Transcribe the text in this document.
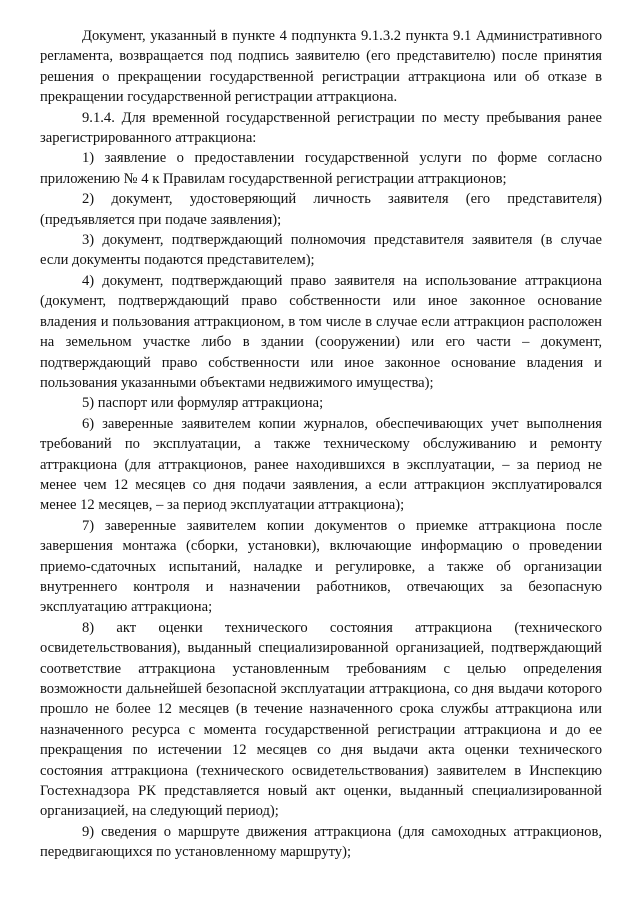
Документ, указанный в пункте 4 подпункта 9.1.3.2 пункта 9.1 Административного регламента, возвращается под подпись заявителю (его представителю) после принятия решения о прекращении государственной регистрации аттракциона или об отказе в прекращении государственной регистрации аттракциона.

9.1.4. Для временной государственной регистрации по месту пребывания ранее зарегистрированного аттракциона:

1) заявление о предоставлении государственной услуги по форме согласно приложению № 4 к Правилам государственной регистрации аттракционов;

2) документ, удостоверяющий личность заявителя (его представителя) (предъявляется при подаче заявления);

3) документ, подтверждающий полномочия представителя заявителя (в случае если документы подаются представителем);

4) документ, подтверждающий право заявителя на использование аттракциона (документ, подтверждающий право собственности или иное законное основание владения и пользования аттракционом, в том числе в случае если аттракцион расположен на земельном участке либо в здании (сооружении) или его части – документ, подтверждающий право собственности или иное законное основание владения и пользования указанными объектами недвижимого имущества);

5) паспорт или формуляр аттракциона;

6) заверенные заявителем копии журналов, обеспечивающих учет выполнения требований по эксплуатации, а также техническому обслуживанию и ремонту аттракциона (для аттракционов, ранее находившихся в эксплуатации, – за период не менее чем 12 месяцев со дня подачи заявления, а если аттракцион эксплуатировался менее 12 месяцев, – за период эксплуатации аттракциона);

7) заверенные заявителем копии документов о приемке аттракциона после завершения монтажа (сборки, установки), включающие информацию о проведении приемо-сдаточных испытаний, наладке и регулировке, а также об организации внутреннего контроля и назначении работников, отвечающих за безопасную эксплуатацию аттракциона;

8) акт оценки технического состояния аттракциона (технического освидетельствования), выданный специализированной организацией, подтверждающий соответствие аттракциона установленным требованиям с целью определения возможности дальнейшей безопасной эксплуатации аттракциона, со дня выдачи которого прошло не более 12 месяцев (в течение назначенного срока службы аттракциона или назначенного ресурса с момента государственной регистрации аттракциона и до ее прекращения по истечении 12 месяцев со дня выдачи акта оценки технического состояния аттракциона (технического освидетельствования) заявителем в Инспекцию Гостехнадзора РК представляется новый акт оценки, выданный специализированной организацией, на следующий период);

9) сведения о маршруте движения аттракциона (для самоходных аттракционов, передвигающихся по установленному маршруту);
